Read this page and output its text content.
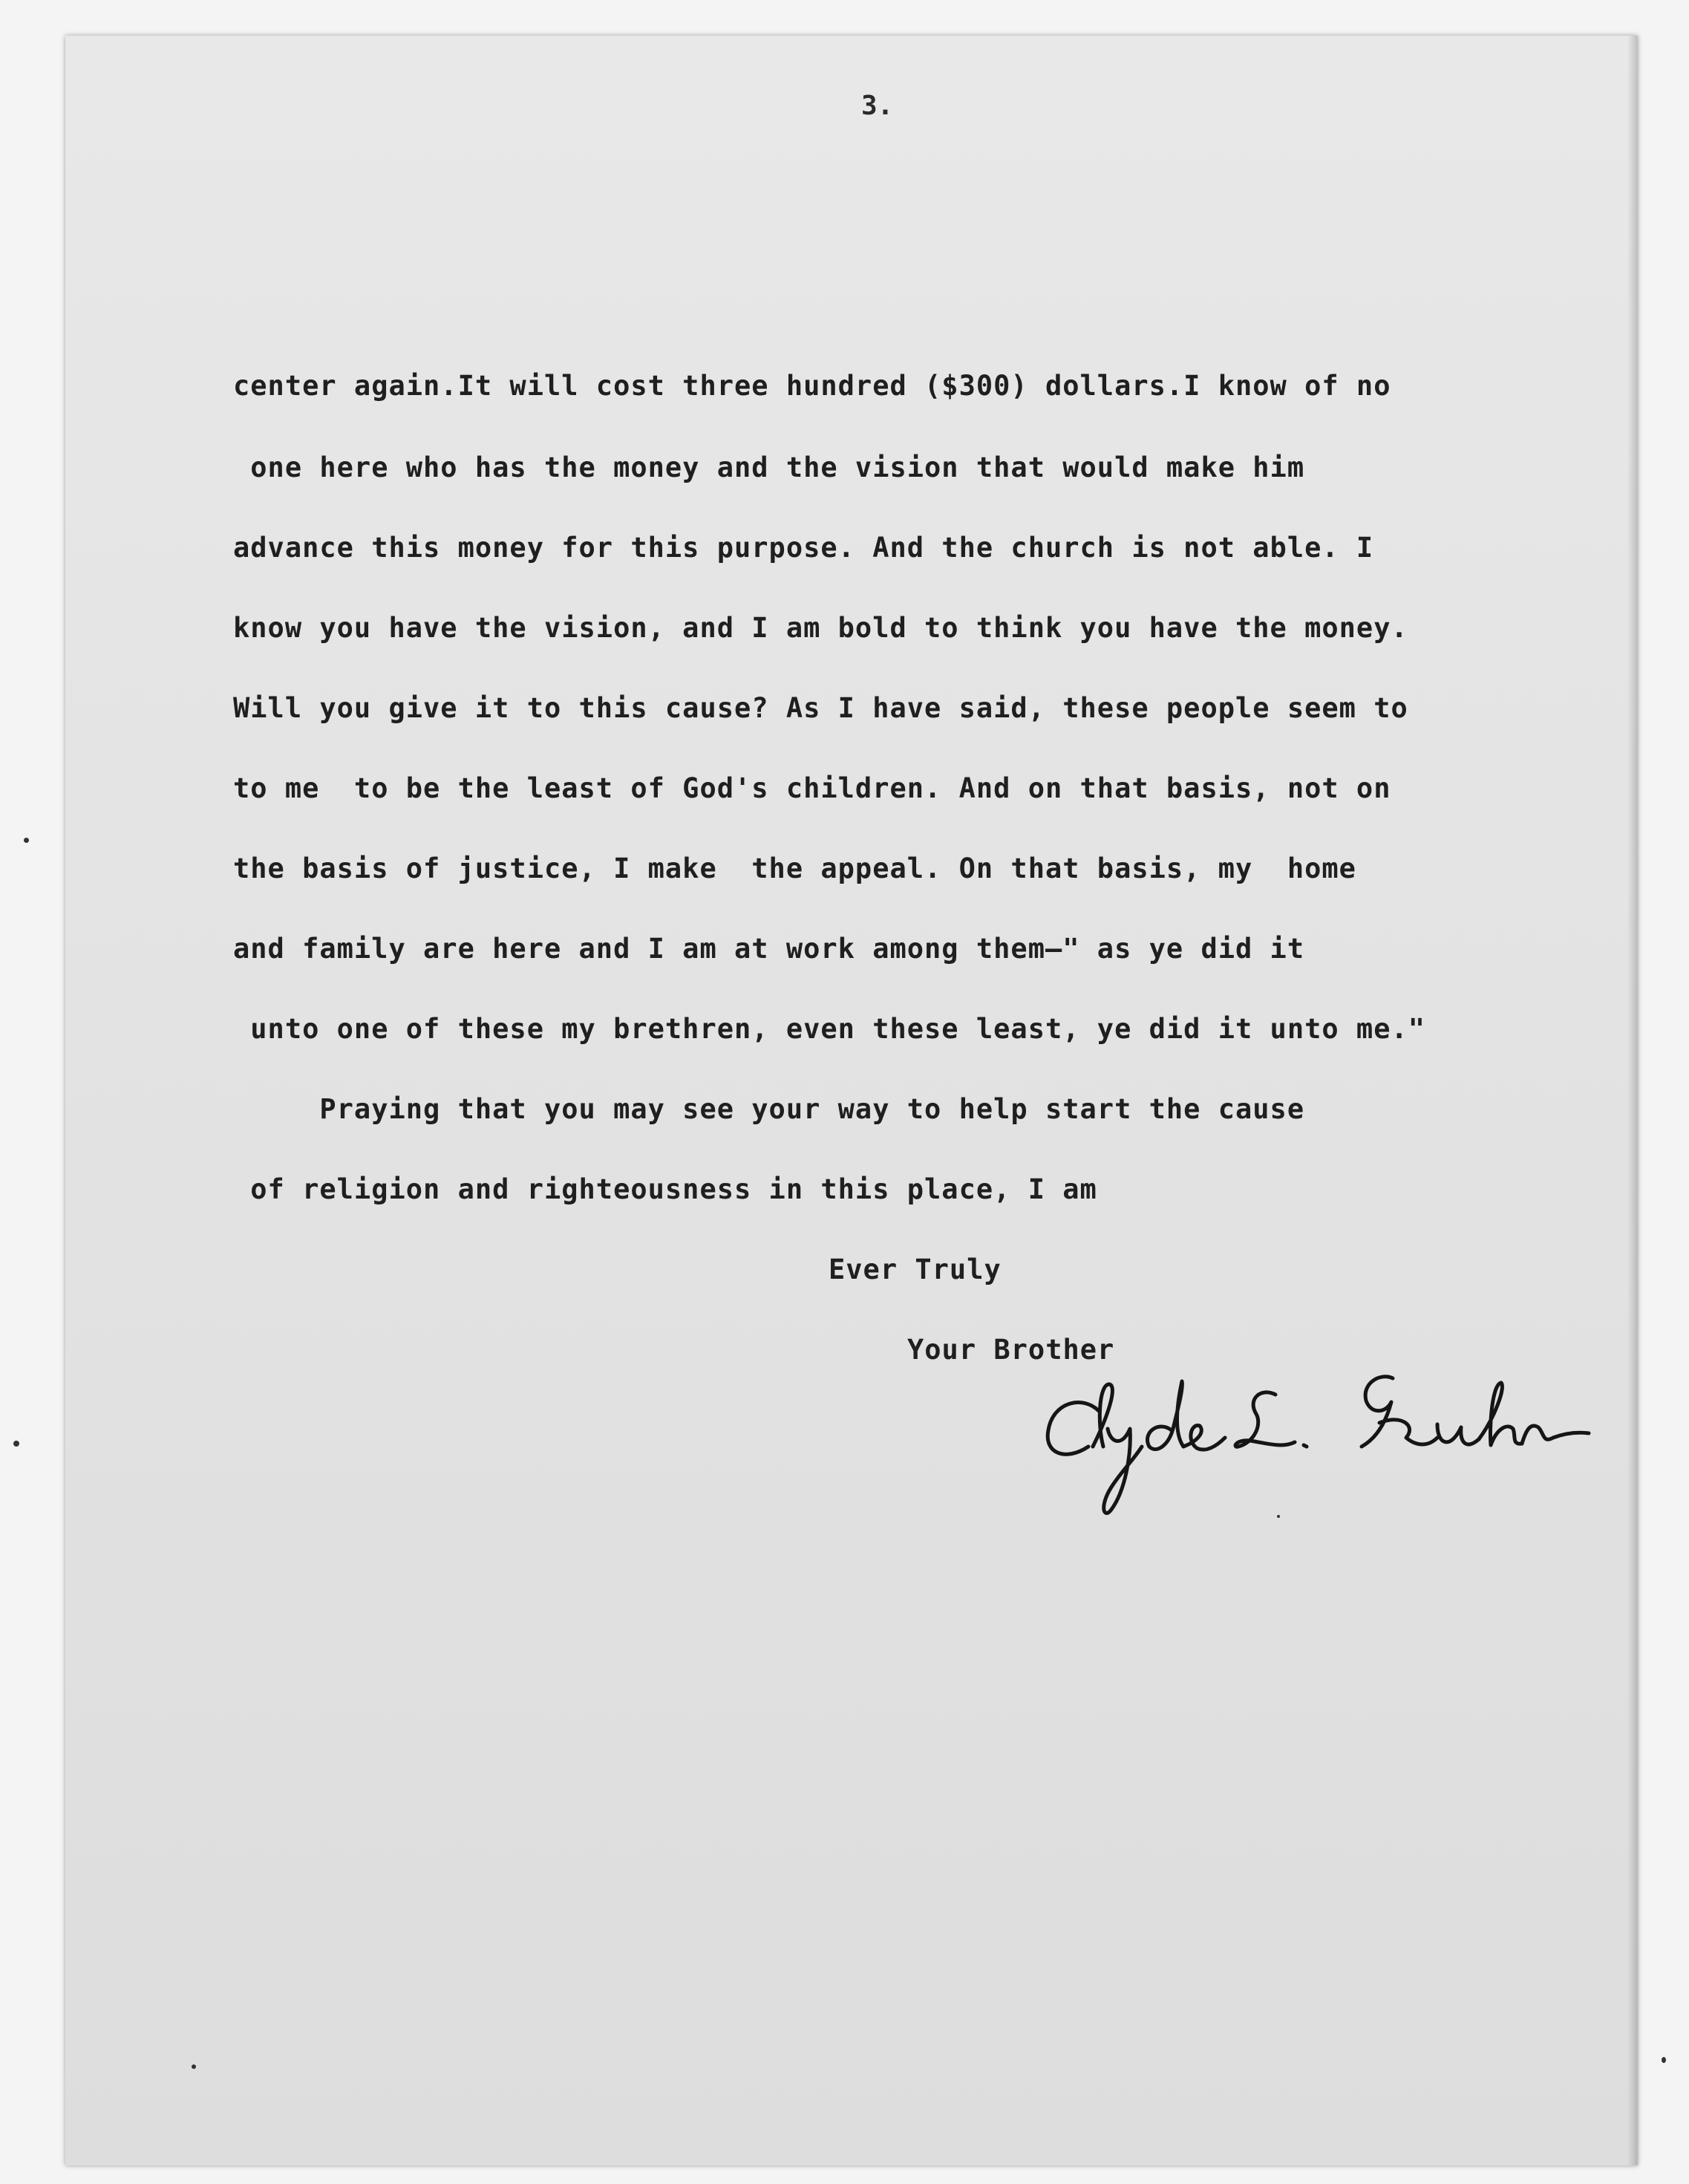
3.
center again.It will cost three hundred ($300) dollars.I know of no
one here who has the money and the vision that would make him
advance this money for this purpose. And the church is not able. I
know you have the vision, and I am bold to think you have the money.
Will you give it to this cause? As I have said, these people seem to
to me  to be the least of God's children. And on that basis, not on
the basis of justice, I make  the appeal. On that basis, my  home
and family are here and I am at work among them—" as ye did it
unto one of these my brethren, even these least, ye did it unto me."
Praying that you may see your way to help start the cause
of religion and righteousness in this place, I am
Ever Truly
Your Brother
